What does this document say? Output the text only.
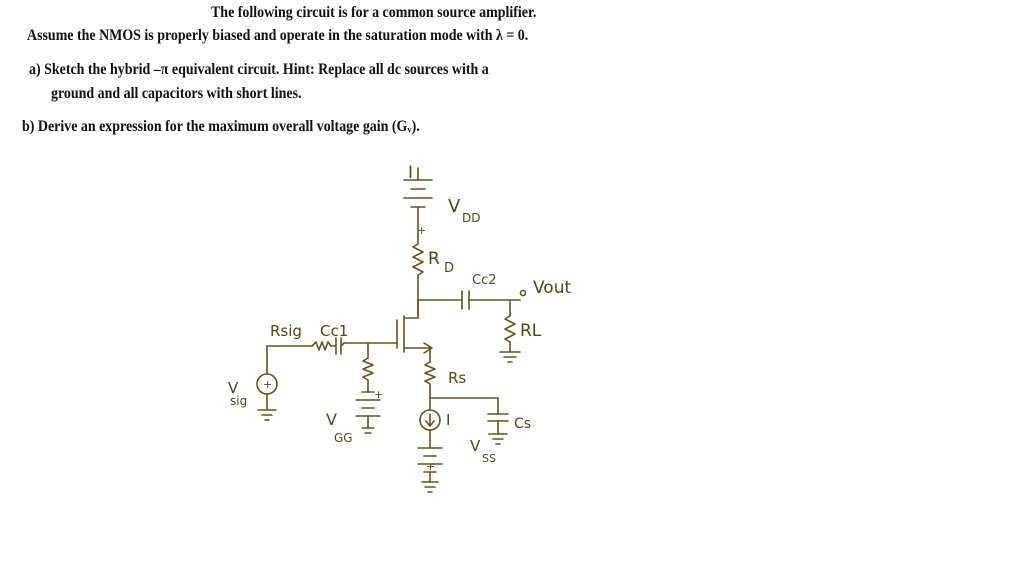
The following circuit is for a common source amplifier.
Assume the NMOS is properly biased and operate in the saturation mode with λ = 0.
a) Sketch the hybrid –π equivalent circuit. Hint: Replace all dc sources with a
ground and all capacitors with short lines.
b) Derive an expression for the maximum overall voltage gain (Gᵥ).
I
V
DD
+
R D
Cc2 Vout
RL
Rsig Cc1
V
sig
+	Rs
I	Cs
V
SS
+
V
GG
+
